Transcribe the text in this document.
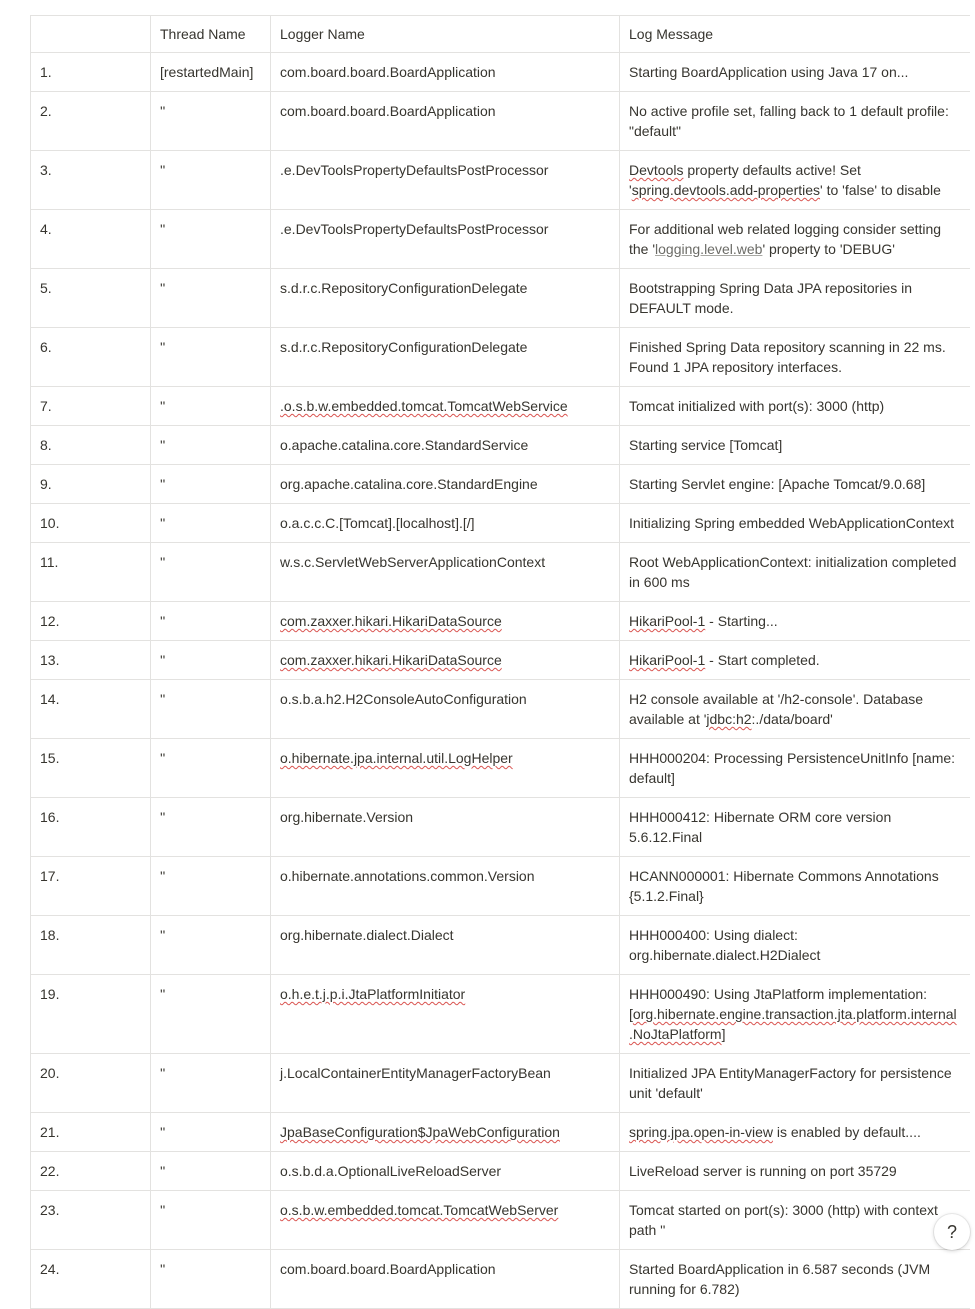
	Thread Name	Logger Name	Log Message
1.	[restartedMain]	com.board.board.BoardApplication	Starting BoardApplication using Java 17 on...
2.	''	com.board.board.BoardApplication	No active profile set, falling back to 1 default profile: "default"
3.	''	.e.DevToolsPropertyDefaultsPostProcessor	Devtools property defaults active! Set 'spring.devtools.add-properties' to 'false' to disable
4.	''	.e.DevToolsPropertyDefaultsPostProcessor	For additional web related logging consider setting the 'logging.level.web' property to 'DEBUG'
5.	''	s.d.r.c.RepositoryConfigurationDelegate	Bootstrapping Spring Data JPA repositories in DEFAULT mode.
6.	''	s.d.r.c.RepositoryConfigurationDelegate	Finished Spring Data repository scanning in 22 ms. Found 1 JPA repository interfaces.
7.	''	.o.s.b.w.embedded.tomcat.TomcatWebService	Tomcat initialized with port(s): 3000 (http)
8.	''	o.apache.catalina.core.StandardService	Starting service [Tomcat]
9.	''	org.apache.catalina.core.StandardEngine	Starting Servlet engine: [Apache Tomcat/9.0.68]
10.	''	o.a.c.c.C.[Tomcat].[localhost].[/]	Initializing Spring embedded WebApplicationContext
11.	''	w.s.c.ServletWebServerApplicationContext	Root WebApplicationContext: initialization completed in 600 ms
12.	''	com.zaxxer.hikari.HikariDataSource	HikariPool-1 - Starting...
13.	''	com.zaxxer.hikari.HikariDataSource	HikariPool-1 - Start completed.
14.	''	o.s.b.a.h2.H2ConsoleAutoConfiguration	H2 console available at '/h2-console'. Database available at 'jdbc:h2:./data/board'
15.	''	o.hibernate.jpa.internal.util.LogHelper	HHH000204: Processing PersistenceUnitInfo [name: default]
16.	''	org.hibernate.Version	HHH000412: Hibernate ORM core version 5.6.12.Final
17.	''	o.hibernate.annotations.common.Version	HCANN000001: Hibernate Commons Annotations {5.1.2.Final}
18.	''	org.hibernate.dialect.Dialect	HHH000400: Using dialect: org.hibernate.dialect.H2Dialect
19.	''	o.h.e.t.j.p.i.JtaPlatformInitiator	HHH000490: Using JtaPlatform implementation: [org.hibernate.engine.transaction.jta.platform.internal.NoJtaPlatform]
20.	''	j.LocalContainerEntityManagerFactoryBean	Initialized JPA EntityManagerFactory for persistence unit 'default'
21.	''	JpaBaseConfiguration$JpaWebConfiguration	spring.jpa.open-in-view is enabled by default....
22.	''	o.s.b.d.a.OptionalLiveReloadServer	LiveReload server is running on port 35729
23.	''	o.s.b.w.embedded.tomcat.TomcatWebServer	Tomcat started on port(s): 3000 (http) with context path ''
24.	''	com.board.board.BoardApplication	Started BoardApplication in 6.587 seconds (JVM running for 6.782)
?
